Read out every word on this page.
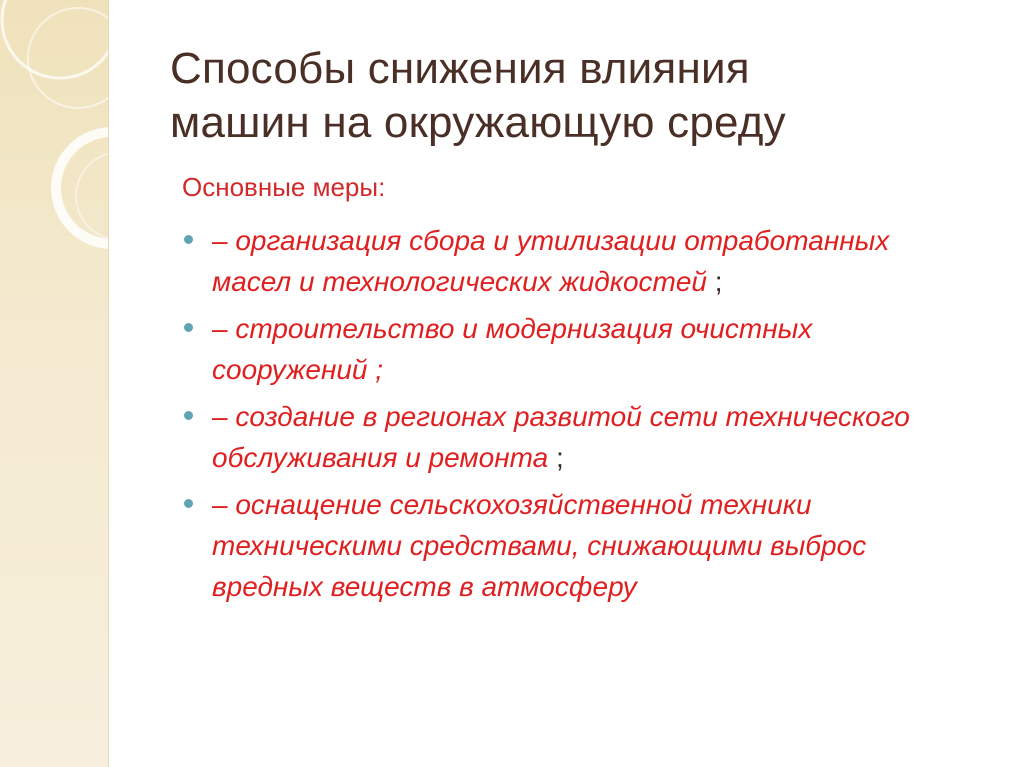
Способы снижения влияния
машин на окружающую среду
Основные меры:
– организация сбора и утилизации отработанных масел и технологических жидкостей ;
– строительство и модернизация очистных сооружений ;
– создание в регионах развитой сети технического обслуживания и ремонта ;
– оснащение сельскохозяйственной техники техническими средствами, снижающими выброс вредных веществ в атмосферу
